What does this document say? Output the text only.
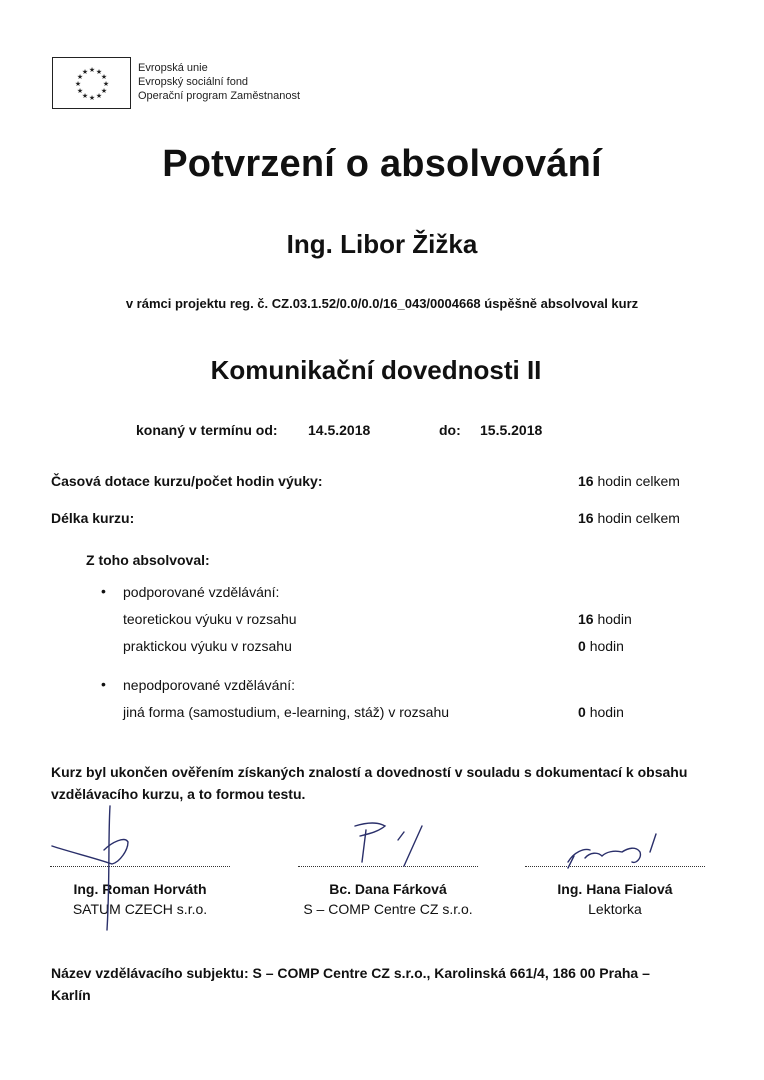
★ ★
★
★
★
★
★
★
★
★
★
★	Evropská unie
Evropský sociální fond
Operační program Zaměstnanost
Potvrzení o absolvování
Ing. Libor Žižka
v rámci projektu reg. č. CZ.03.1.52/0.0/0.0/16_043/0004668 úspěšně absolvoval kurz
Komunikační dovednosti II
konaný v termínu od: 14.5.2018	do: 15.5.2018
Časová dotace kurzu/počet hodin výuky:	16 hodin celkem
Délka kurzu:	16 hodin celkem
Z toho absolvoval:
• podporované vzdělávání:
teoretickou výuku v rozsahu	16 hodin
praktickou výuku v rozsahu	0 hodin
• nepodporované vzdělávání:
jiná forma (samostudium, e-learning, stáž) v rozsahu	0 hodin
Kurz byl ukončen ověřením získaných znalostí a dovedností v souladu s dokumentací k obsahu vzdělávacího kurzu, a to formou testu.
Ing. Roman Horváth
SATUM CZECH s.r.o.
Bc. Dana Fárková
S – COMP Centre CZ s.r.o.
Ing. Hana Fialová
Lektorka
Název vzdělávacího subjektu: S – COMP Centre CZ s.r.o., Karolinská 661/4, 186 00 Praha – Karlín
